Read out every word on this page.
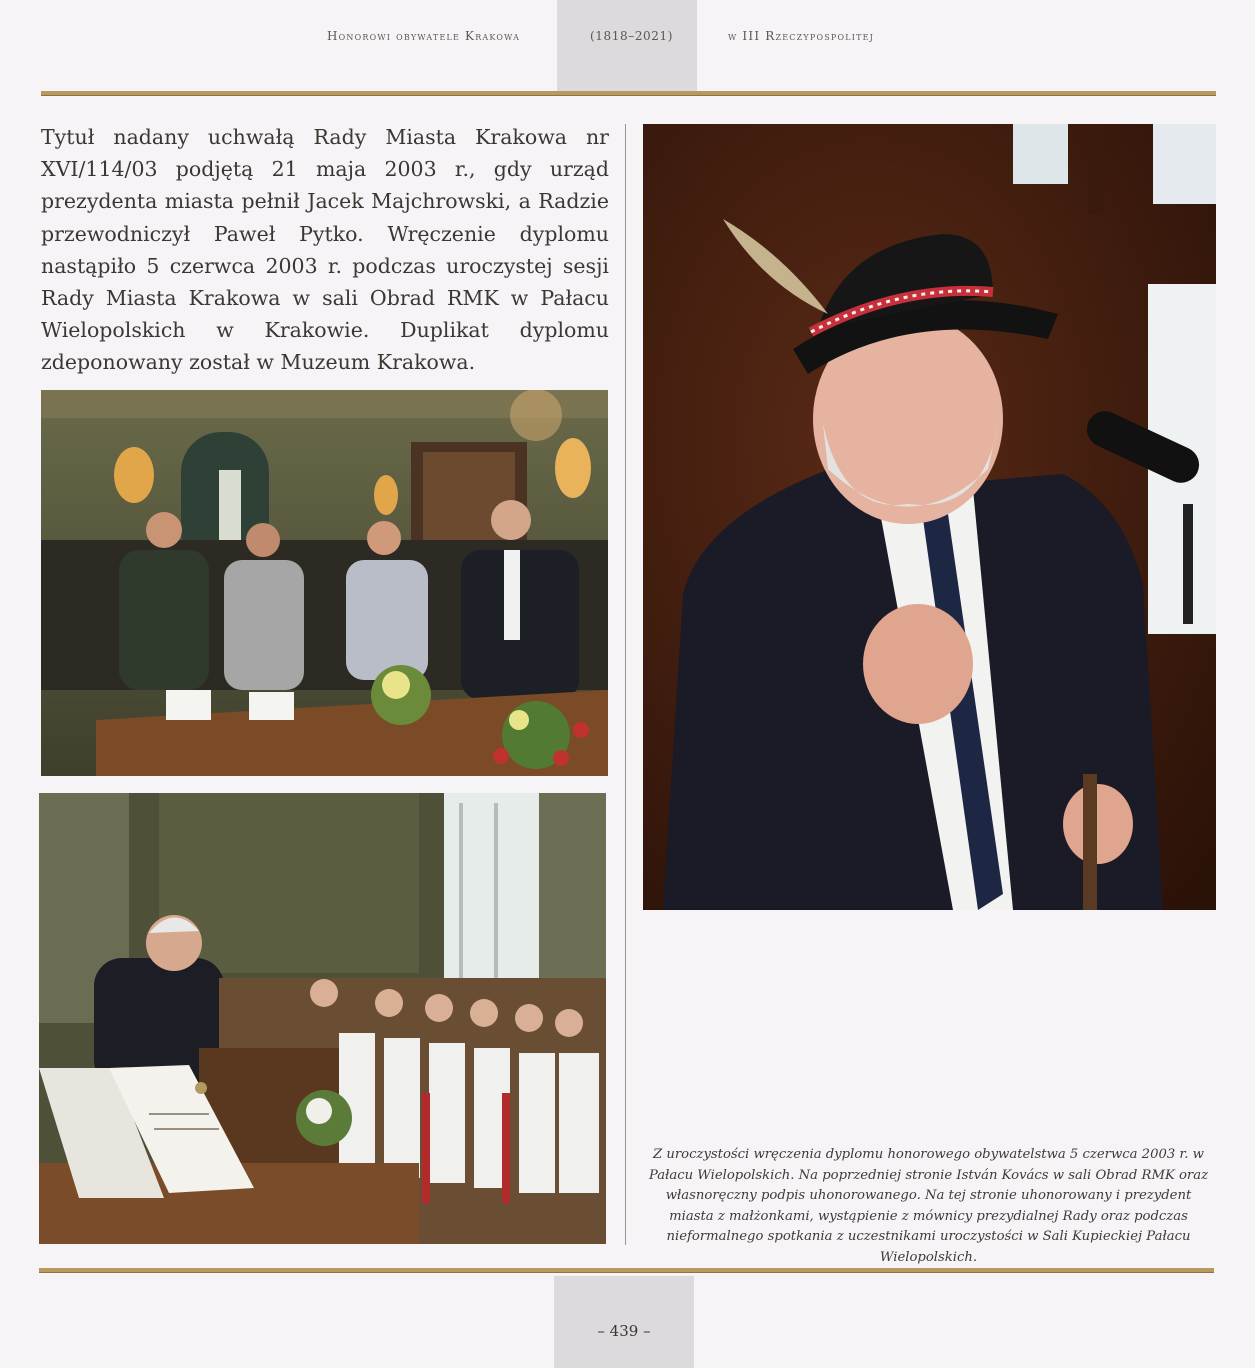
Honorowi obywatele Krakowa	(1818–2021)	w III Rzeczypospolitej
Tytuł nadany uchwałą Rady Miasta Krakowa nr XVI/114/03 podjętą 21 maja 2003 r., gdy urząd prezydenta miasta pełnił Jacek Majchrowski, a Radzie przewodniczył Paweł Pytko. Wręczenie dyplomu nastąpiło 5 czerwca 2003 r. podczas uroczystej sesji Rady Miasta Krakowa w sali Obrad RMK w Pałacu Wielopolskich w Krakowie. Duplikat dyplomu zdeponowany został w Muzeum Krakowa.
Z uroczystości wręczenia dyplomu honorowego obywatelstwa 5 czerwca 2003 r. w Pałacu Wielopolskich. Na poprzedniej stronie István Kovács w sali Obrad RMK oraz własnoręczny podpis uhonorowanego. Na tej stronie uhonorowany i prezydent miasta z małżonkami, wystąpienie z mównicy prezydialnej Rady oraz podczas nieformalnego spotkania z uczestnikami uroczystości w Sali Kupieckiej Pałacu Wielopolskich.
– 439 –
